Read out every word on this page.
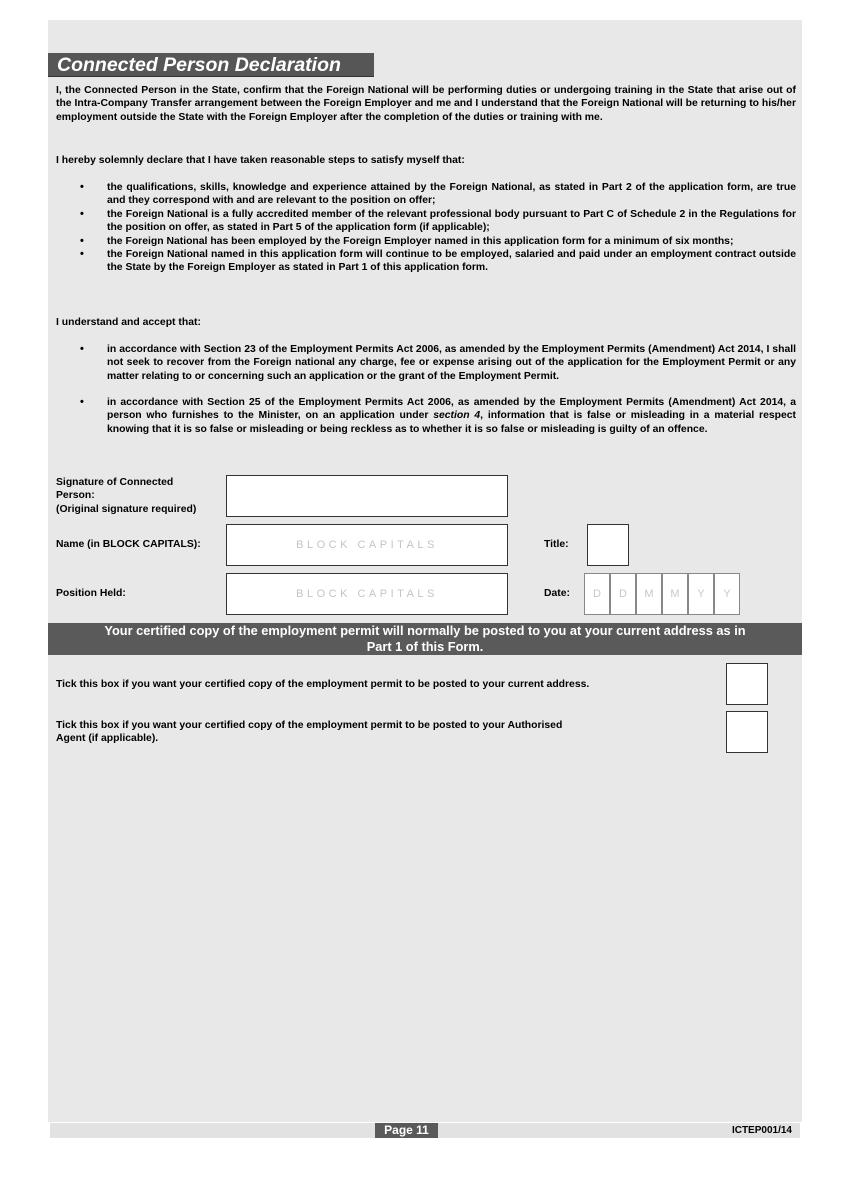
Connected Person Declaration
I, the Connected Person in the State, confirm that the Foreign National will be performing duties or undergoing training in the State that arise out of the Intra-Company Transfer arrangement between the Foreign Employer and me and I understand that the Foreign National will be returning to his/her employment outside the State with the Foreign Employer after the completion of the duties or training with me.
I hereby solemnly declare that I have taken reasonable steps to satisfy myself that:
• the qualifications, skills, knowledge and experience attained by the Foreign National, as stated in Part 2 of the application form, are true and they correspond with and are relevant to the position on offer;
• the Foreign National is a fully accredited member of the relevant professional body pursuant to Part C of Schedule 2 in the Regulations for the position on offer, as stated in Part 5 of the application form (if applicable);
• the Foreign National has been employed by the Foreign Employer named in this application form for a minimum of six months;
• the Foreign National named in this application form will continue to be employed, salaried and paid under an employment contract outside the State by the Foreign Employer as stated in Part 1 of this application form.
I understand and accept that:
• in accordance with Section 23 of the Employment Permits Act 2006, as amended by the Employment Permits (Amendment) Act 2014, I shall not seek to recover from the Foreign national any charge, fee or expense arising out of the application for the Employment Permit or any matter relating to or concerning such an application or the grant of the Employment Permit.
• in accordance with Section 25 of the Employment Permits Act 2006, as amended by the Employment Permits (Amendment) Act 2014, a person who furnishes to the Minister, on an application under section 4, information that is false or misleading in a material respect knowing that it is so false or misleading or being reckless as to whether it is so false or misleading is guilty of an offence.
Signature of Connected
Person:
(Original signature required)
Name (in BLOCK CAPITALS):	BLOCK CAPITALS	Title:
Position Held:	BLOCK CAPITALS	Date:	D	D	M	M	Y	Y
Your certified copy of the employment permit will normally be posted to you at your current address as in
Part 1 of this Form.
Tick this box if you want your certified copy of the employment permit to be posted to your current address.
Tick this box if you want your certified copy of the employment permit to be posted to your Authorised
Agent (if applicable).
Page 11	ICTEP001/14
